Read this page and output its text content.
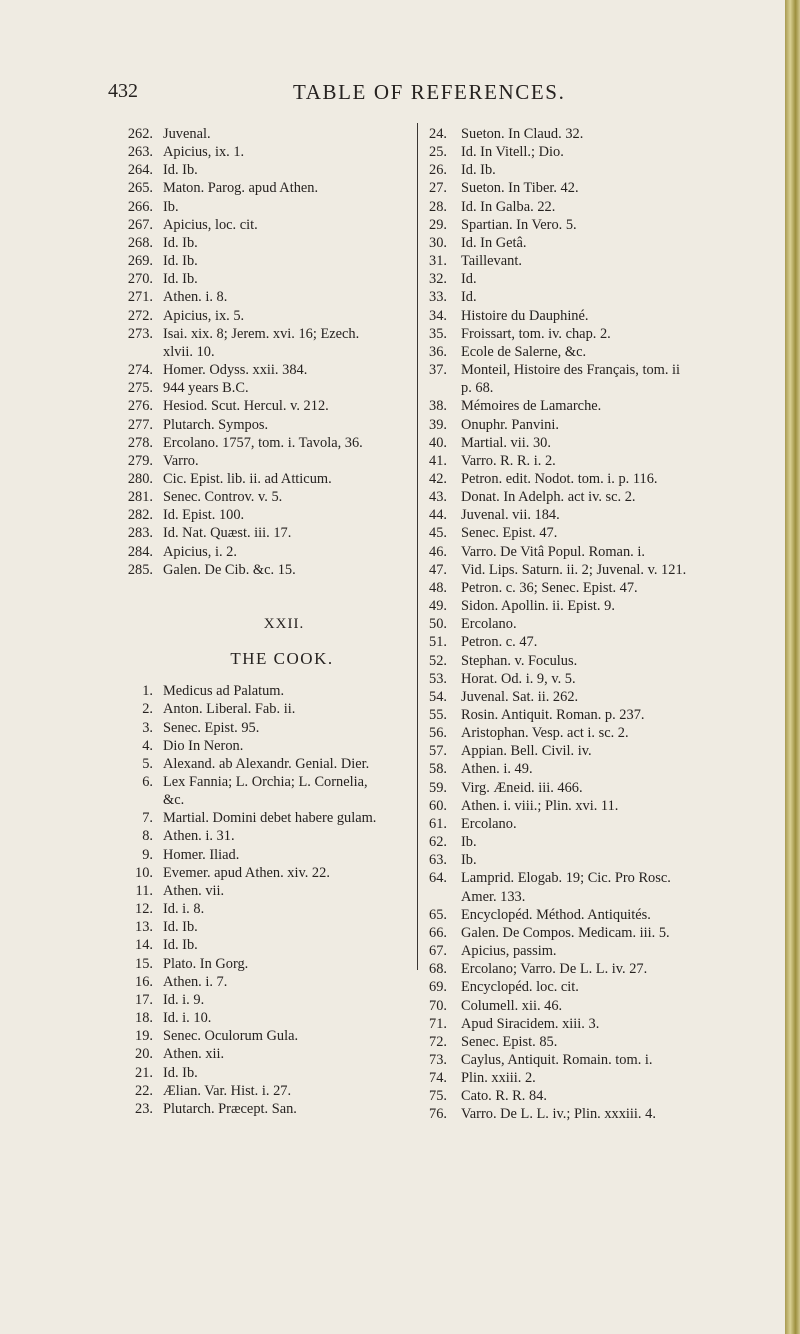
432	TABLE OF REFERENCES.
262. Juvenal.
263. Apicius, ix. 1.
264. Id. Ib.
265. Maton. Parog. apud Athen.
266. Ib.
267. Apicius, loc. cit.
268. Id. Ib.
269. Id. Ib.
270. Id. Ib.
271. Athen. i. 8.
272. Apicius, ix. 5.
273. Isai. xix. 8; Jerem. xvi. 16; Ezech.
xlvii. 10.
274. Homer. Odyss. xxii. 384.
275. 944 years B.C.
276. Hesiod. Scut. Hercul. v. 212.
277. Plutarch. Sympos.
278. Ercolano. 1757, tom. i. Tavola, 36.
279. Varro.
280. Cic. Epist. lib. ii. ad Atticum.
281. Senec. Controv. v. 5.
282. Id. Epist. 100.
283. Id. Nat. Quæst. iii. 17.
284. Apicius, i. 2.
285. Galen. De Cib. &c. 15.
XXII.
THE COOK.
1. Medicus ad Palatum.
2. Anton. Liberal. Fab. ii.
3. Senec. Epist. 95.
4. Dio In Neron.
5. Alexand. ab Alexandr. Genial. Dier.
6. Lex Fannia; L. Orchia; L. Cornelia,
&c.
7. Martial. Domini debet habere gulam.
8. Athen. i. 31.
9. Homer. Iliad.
10. Evemer. apud Athen. xiv. 22.
11. Athen. vii.
12. Id. i. 8.
13. Id. Ib.
14. Id. Ib.
15. Plato. In Gorg.
16. Athen. i. 7.
17. Id. i. 9.
18. Id. i. 10.
19. Senec. Oculorum Gula.
20. Athen. xii.
21. Id. Ib.
22. Ælian. Var. Hist. i. 27.
23. Plutarch. Præcept. San.
24. Sueton. In Claud. 32.
25. Id. In Vitell.; Dio.
26. Id. Ib.
27. Sueton. In Tiber. 42.
28. Id. In Galba. 22.
29. Spartian. In Vero. 5.
30. Id. In Getâ.
31. Taillevant.
32. Id.
33. Id.
34. Histoire du Dauphiné.
35. Froissart, tom. iv. chap. 2.
36. Ecole de Salerne, &c.
37. Monteil, Histoire des Français, tom. ii
p. 68.
38. Mémoires de Lamarche.
39. Onuphr. Panvini.
40. Martial. vii. 30.
41. Varro. R. R. i. 2.
42. Petron. edit. Nodot. tom. i. p. 116.
43. Donat. In Adelph. act iv. sc. 2.
44. Juvenal. vii. 184.
45. Senec. Epist. 47.
46. Varro. De Vitâ Popul. Roman. i.
47. Vid. Lips. Saturn. ii. 2; Juvenal. v. 121.
48. Petron. c. 36; Senec. Epist. 47.
49. Sidon. Apollin. ii. Epist. 9.
50. Ercolano.
51. Petron. c. 47.
52. Stephan. v. Foculus.
53. Horat. Od. i. 9, v. 5.
54. Juvenal. Sat. ii. 262.
55. Rosin. Antiquit. Roman. p. 237.
56. Aristophan. Vesp. act i. sc. 2.
57. Appian. Bell. Civil. iv.
58. Athen. i. 49.
59. Virg. Æneid. iii. 466.
60. Athen. i. viii.; Plin. xvi. 11.
61. Ercolano.
62. Ib.
63. Ib.
64. Lamprid. Elogab. 19; Cic. Pro Rosc.
Amer. 133.
65. Encyclopéd. Méthod. Antiquités.
66. Galen. De Compos. Medicam. iii. 5.
67. Apicius, passim.
68. Ercolano; Varro. De L. L. iv. 27.
69. Encyclopéd. loc. cit.
70. Columell. xii. 46.
71. Apud Siracidem. xiii. 3.
72. Senec. Epist. 85.
73. Caylus, Antiquit. Romain. tom. i.
74. Plin. xxiii. 2.
75. Cato. R. R. 84.
76. Varro. De L. L. iv.; Plin. xxxiii. 4.
